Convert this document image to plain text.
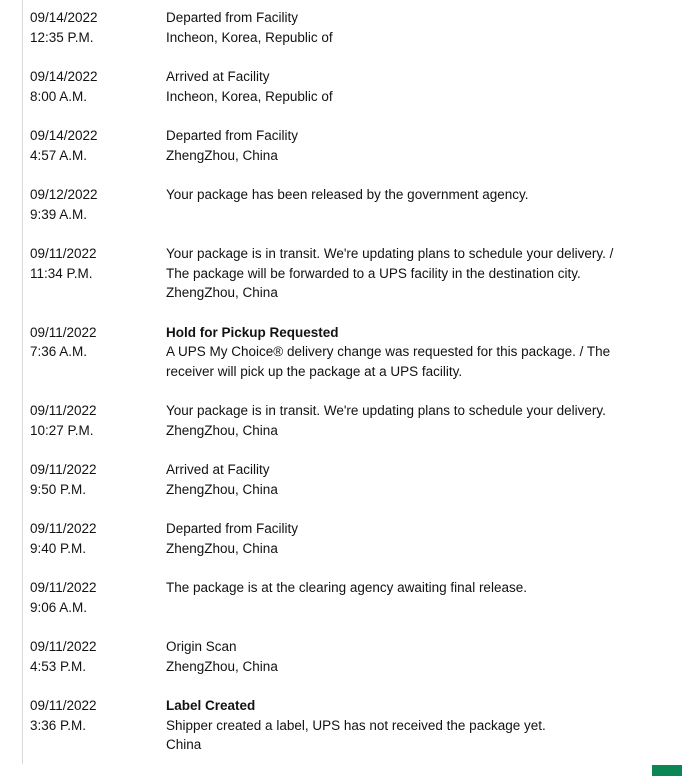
09/14/2022
12:35 P.M.
Departed from Facility
Incheon, Korea, Republic of
09/14/2022
8:00 A.M.
Arrived at Facility
Incheon, Korea, Republic of
09/14/2022
4:57 A.M.
Departed from Facility
ZhengZhou, China
09/12/2022
9:39 A.M.
Your package has been released by the government agency.
09/11/2022
11:34 P.M.
Your package is in transit. We're updating plans to schedule your delivery. / The package will be forwarded to a UPS facility in the destination city.
ZhengZhou, China
09/11/2022
7:36 A.M.
Hold for Pickup Requested
A UPS My Choice® delivery change was requested for this package. / The receiver will pick up the package at a UPS facility.
09/11/2022
10:27 P.M.
Your package is in transit. We're updating plans to schedule your delivery.
ZhengZhou, China
09/11/2022
9:50 P.M.
Arrived at Facility
ZhengZhou, China
09/11/2022
9:40 P.M.
Departed from Facility
ZhengZhou, China
09/11/2022
9:06 A.M.
The package is at the clearing agency awaiting final release.
09/11/2022
4:53 P.M.
Origin Scan
ZhengZhou, China
09/11/2022
3:36 P.M.
Label Created
Shipper created a label, UPS has not received the package yet.
China
